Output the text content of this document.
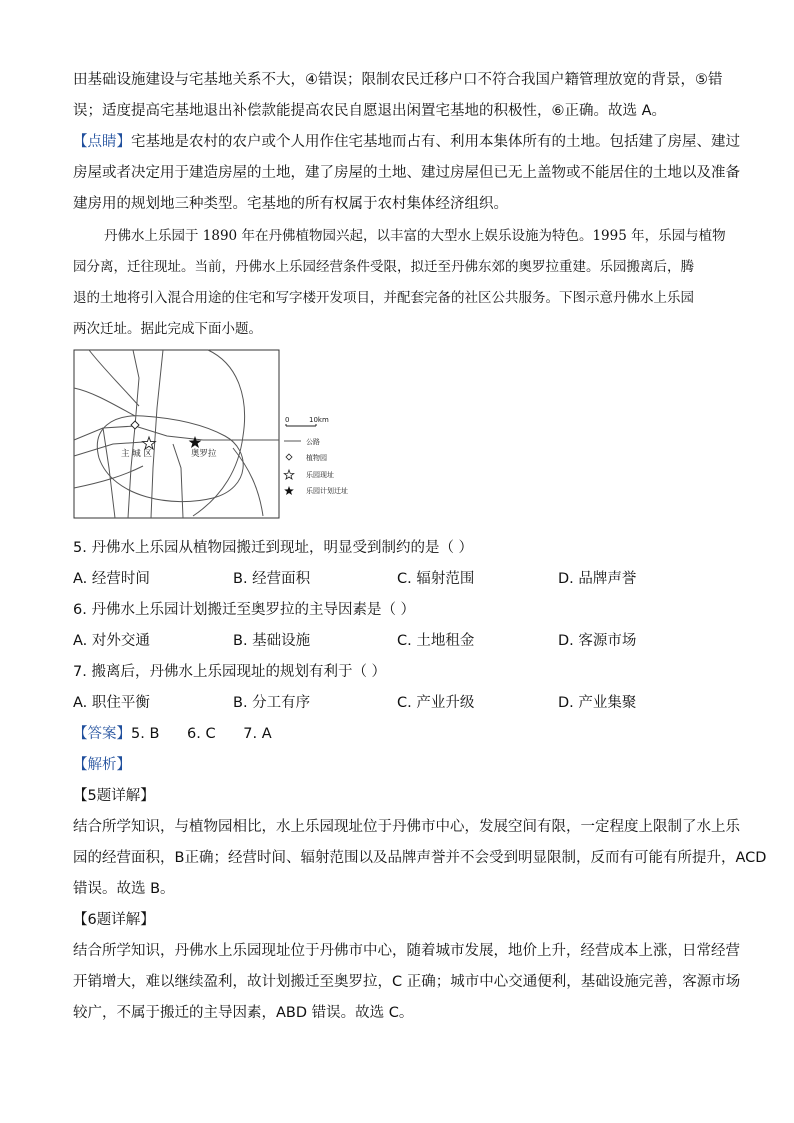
田基础设施建设与宅基地关系不大，④错误；限制农民迁移户口不符合我国户籍管理放宽的背景，⑤错
误；适度提高宅基地退出补偿款能提高农民自愿退出闲置宅基地的积极性，⑥正确。故选 A。
【点睛】宅基地是农村的农户或个人用作住宅基地而占有、利用本集体所有的土地。包括建了房屋、建过
房屋或者决定用于建造房屋的土地，建了房屋的土地、建过房屋但已无上盖物或不能居住的土地以及准备
建房用的规划地三种类型。宅基地的所有权属于农村集体经济组织。
丹佛水上乐园于 1890 年在丹佛植物园兴起，以丰富的大型水上娱乐设施为特色。1995 年，乐园与植物
园分离，迁往现址。当前，丹佛水上乐园经营条件受限，拟迁至丹佛东郊的奥罗拉重建。乐园搬离后，腾
退的土地将引入混合用途的住宅和写字楼开发项目，并配套完备的社区公共服务。下图示意丹佛水上乐园
两次迁址。据此完成下面小题。
主 城 区	奥罗拉
0	10km
公路
植物园
乐园现址
乐园计划迁址
5. 丹佛水上乐园从植物园搬迁到现址，明显受到制约的是（ ）
A. 经营时间	B. 经营面积	C. 辐射范围	D. 品牌声誉
6. 丹佛水上乐园计划搬迁至奥罗拉的主导因素是（ ）
A. 对外交通	B. 基础设施	C. 土地租金	D. 客源市场
7. 搬离后，丹佛水上乐园现址的规划有利于（ ）
A. 职住平衡	B. 分工有序	C. 产业升级	D. 产业集聚
【答案】5. B      6. C      7. A
【解析】
【5题详解】
结合所学知识，与植物园相比，水上乐园现址位于丹佛市中心，发展空间有限，一定程度上限制了水上乐
园的经营面积，B正确；经营时间、辐射范围以及品牌声誉并不会受到明显限制，反而有可能有所提升，ACD
错误。故选 B。
【6题详解】
结合所学知识，丹佛水上乐园现址位于丹佛市中心，随着城市发展，地价上升，经营成本上涨，日常经营
开销增大，难以继续盈利，故计划搬迁至奥罗拉，C 正确；城市中心交通便利，基础设施完善，客源市场
较广，不属于搬迁的主导因素，ABD 错误。故选 C。
